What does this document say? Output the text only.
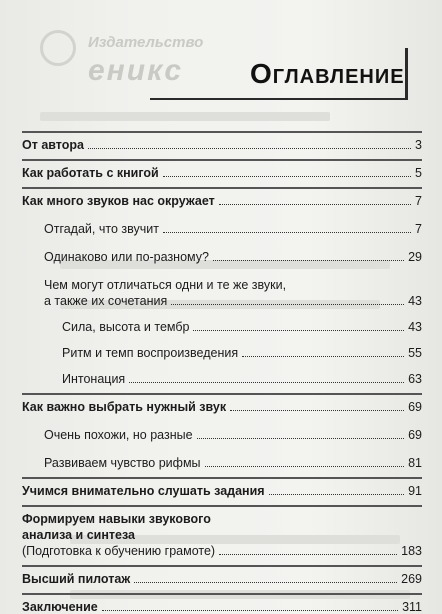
Издательство
еникс Оглавление
От автора	3
Как работать с книгой	5
Как много звуков нас окружает	7
Отгадай, что звучит	7
Одинаково или по-разному?	29
Чем могут отличаться одни и те же звуки,
а также их сочетания	43
Сила, высота и тембр	43
Ритм и темп воспроизведения	55
Интонация	63
Как важно выбрать нужный звук	69
Очень похожи, но разные	69
Развиваем чувство рифмы	81
Учимся внимательно слушать задания	91
Формируем навыки звукового
анализа и синтеза
(Подготовка к обучению грамоте)	183
Высший пилотаж	269
Заключение	311
